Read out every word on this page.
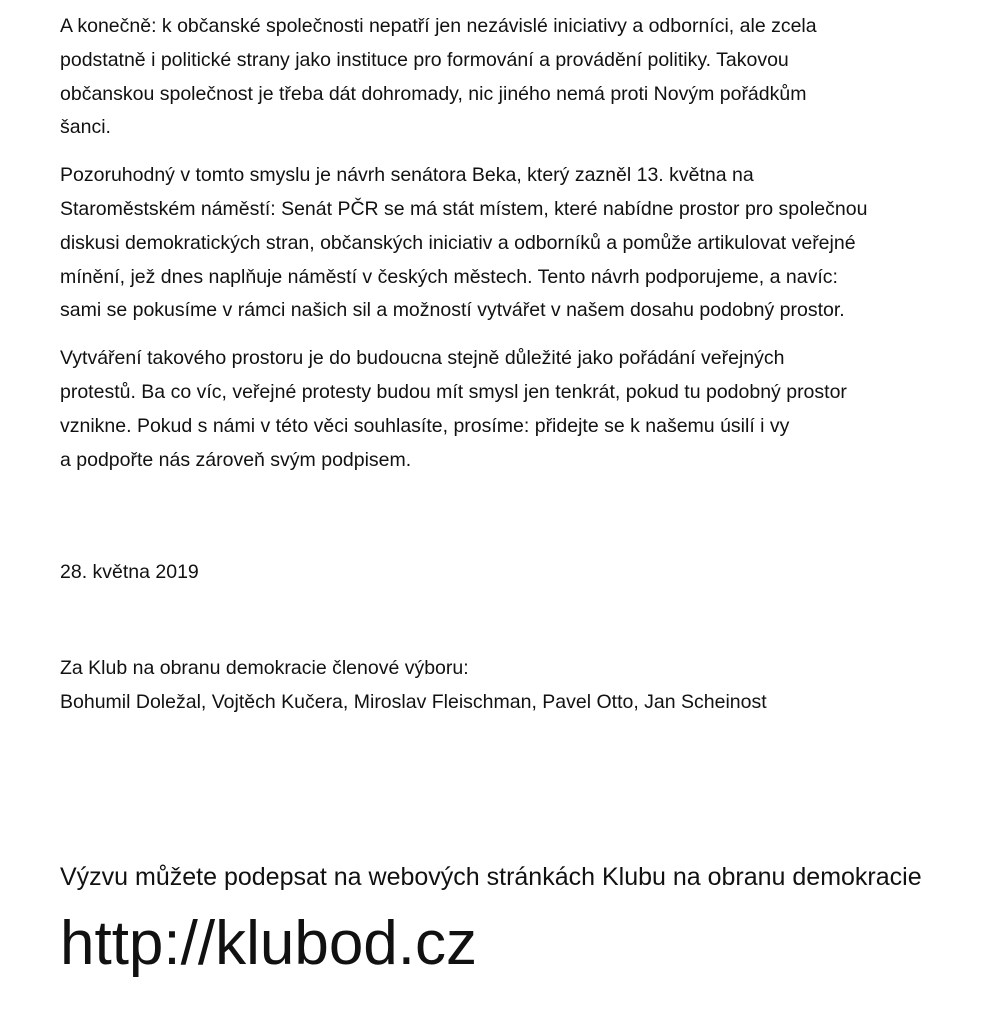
A konečně: k občanské společnosti nepatří jen nezávislé iniciativy a odborníci, ale zcela
podstatně i politické strany jako instituce pro formování a provádění politiky. Takovou
občanskou společnost je třeba dát dohromady, nic jiného nemá proti Novým pořádkům
šanci.

Pozoruhodný v tomto smyslu je návrh senátora Beka, který zazněl 13. května na
Staroměstském náměstí: Senát PČR se má stát místem, které nabídne prostor pro společnou
diskusi demokratických stran, občanských iniciativ a odborníků a pomůže artikulovat veřejné
mínění, jež dnes naplňuje náměstí v českých městech. Tento návrh podporujeme, a navíc:
sami se pokusíme v rámci našich sil a možností vytvářet v našem dosahu podobný prostor.

Vytváření takového prostoru je do budoucna stejně důležité jako pořádání veřejných
protestů. Ba co víc, veřejné protesty budou mít smysl jen tenkrát, pokud tu podobný prostor
vznikne. Pokud s námi v této věci souhlasíte, prosíme: přidejte se k našemu úsilí i vy
a podpořte nás zároveň svým podpisem.

28. května 2019

Za Klub na obranu demokracie členové výboru:
Bohumil Doležal, Vojtěch Kučera, Miroslav Fleischman, Pavel Otto, Jan Scheinost

Výzvu můžete podepsat na webových stránkách Klubu na obranu demokracie

http://klubod.cz
